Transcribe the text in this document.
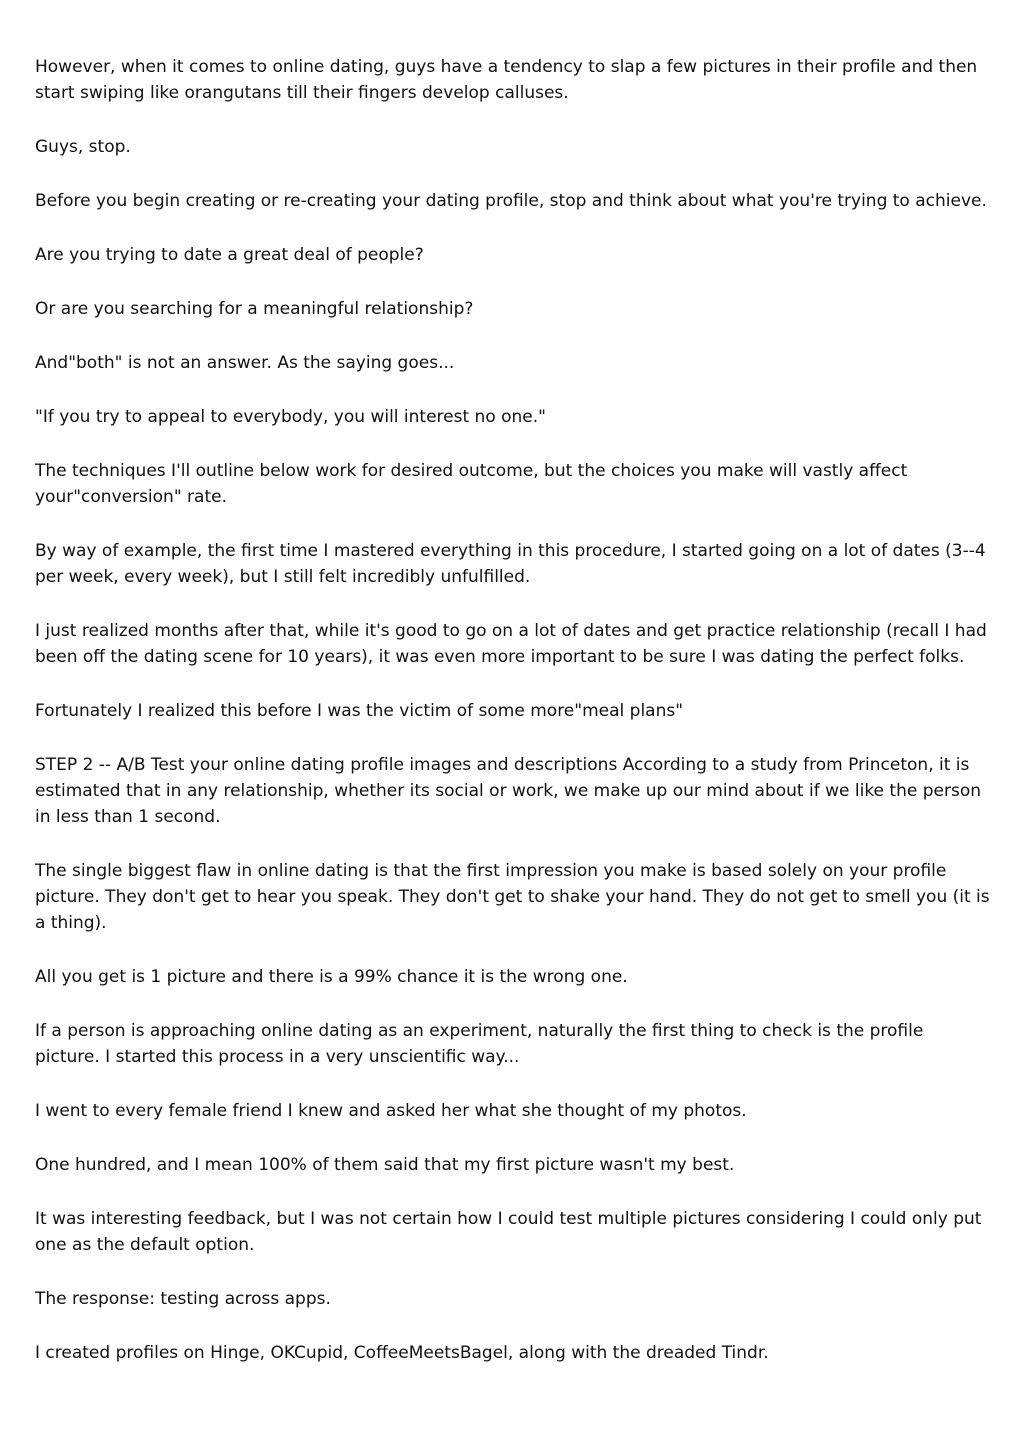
However, when it comes to online dating, guys have a tendency to slap a few pictures in their profile and then start swiping like orangutans till their fingers develop calluses.

Guys, stop.

Before you begin creating or re-creating your dating profile, stop and think about what you're trying to achieve.

Are you trying to date a great deal of people?

Or are you searching for a meaningful relationship?

And"both" is not an answer. As the saying goes...

"If you try to appeal to everybody, you will interest no one."

The techniques I'll outline below work for desired outcome, but the choices you make will vastly affect your"conversion" rate.

By way of example, the first time I mastered everything in this procedure, I started going on a lot of dates (3--4 per week, every week), but I still felt incredibly unfulfilled.

I just realized months after that, while it's good to go on a lot of dates and get practice relationship (recall I had been off the dating scene for 10 years), it was even more important to be sure I was dating the perfect folks.

Fortunately I realized this before I was the victim of some more"meal plans"

STEP 2 -- A/B Test your online dating profile images and descriptions According to a study from Princeton, it is estimated that in any relationship, whether its social or work, we make up our mind about if we like the person in less than 1 second.

The single biggest flaw in online dating is that the first impression you make is based solely on your profile picture. They don't get to hear you speak. They don't get to shake your hand. They do not get to smell you (it is a thing).

All you get is 1 picture and there is a 99% chance it is the wrong one.

If a person is approaching online dating as an experiment, naturally the first thing to check is the profile picture. I started this process in a very unscientific way...

I went to every female friend I knew and asked her what she thought of my photos.

One hundred, and I mean 100% of them said that my first picture wasn't my best.

It was interesting feedback, but I was not certain how I could test multiple pictures considering I could only put one as the default option.

The response: testing across apps.

I created profiles on Hinge, OKCupid, CoffeeMeetsBagel, along with the dreaded Tindr.
